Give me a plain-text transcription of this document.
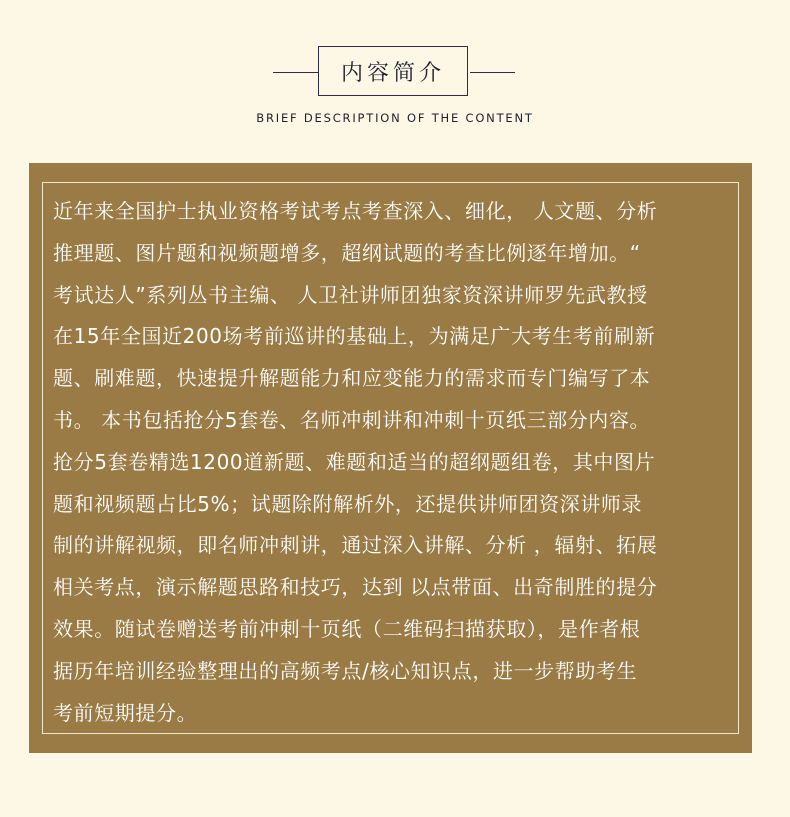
内容简介
BRIEF DESCRIPTION OF THE CONTENT
近年来全国护士执业资格考试考点考查深入、细化， 人文题、分析
推理题、图片题和视频题增多，超纲试题的考查比例逐年增加。“
考试达人”系列丛书主编、 人卫社讲师团独家资深讲师罗先武教授
在15年全国近200场考前巡讲的基础上，为满足广大考生考前刷新
题、刷难题，快速提升解题能力和应变能力的需求而专门编写了本
书。 本书包括抢分5套卷、名师冲刺讲和冲刺十页纸三部分内容。
抢分5套卷精选1200道新题、难题和适当的超纲题组卷，其中图片
题和视频题占比5%；试题除附解析外，还提供讲师团资深讲师录
制的讲解视频，即名师冲刺讲，通过深入讲解、分析 ，辐射、拓展
相关考点，演示解题思路和技巧，达到 以点带面、出奇制胜的提分
效果。随试卷赠送考前冲刺十页纸（二维码扫描获取），是作者根
据历年培训经验整理出的高频考点/核心知识点，进一步帮助考生
考前短期提分。
